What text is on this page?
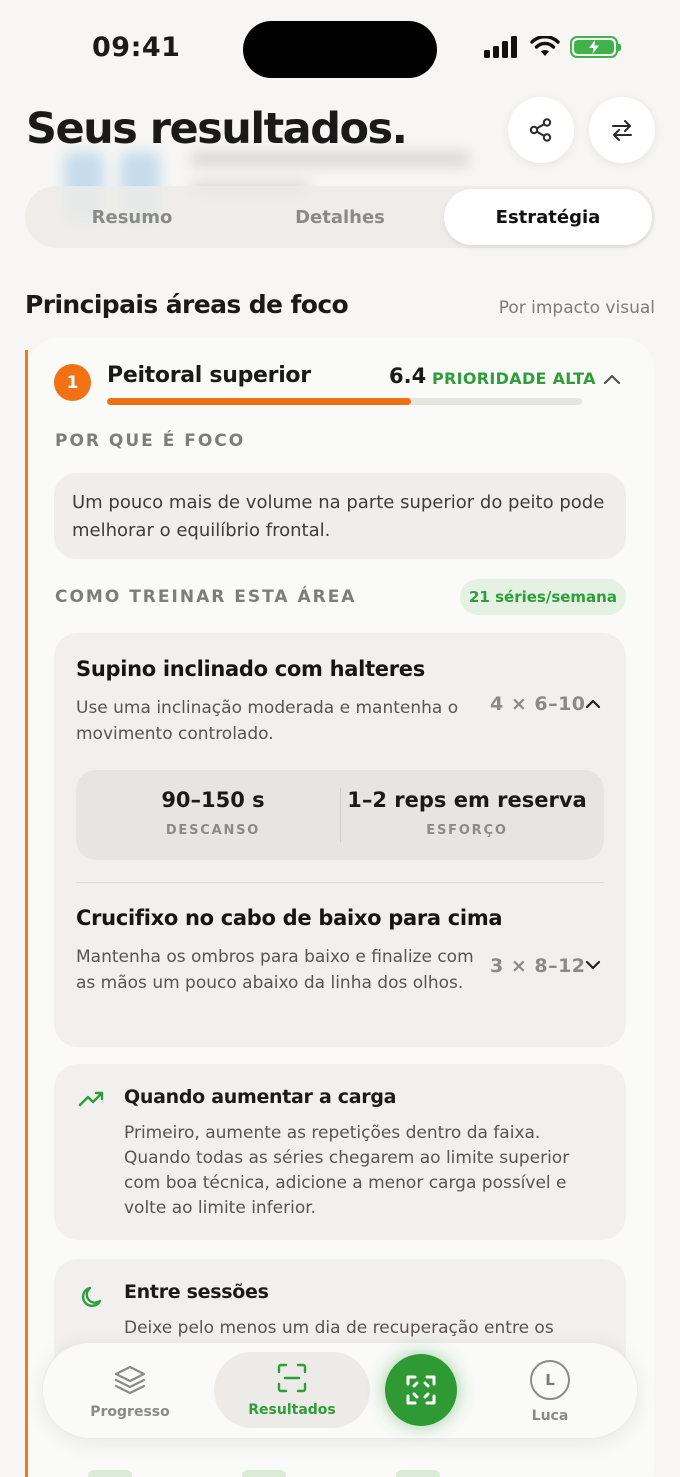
09:41
Seus resultados.
Resumo	Detalhes	Estratégia
Principais áreas de foco	Por impacto visual
1	Peitoral superior	6.4 PRIORIDADE ALTA
POR QUE É FOCO
Um pouco mais de volume na parte superior do peito pode melhorar o equilíbrio frontal.
COMO TREINAR ESTA ÁREA	21 séries/semana
Supino inclinado com halteres
Use uma inclinação moderada e mantenha o movimento controlado.
4 × 6–10
90–150 s
DESCANSO
1–2 reps em reserva
ESFORÇO
Crucifixo no cabo de baixo para cima
Mantenha os ombros para baixo e finalize com as mãos um pouco abaixo da linha dos olhos.
3 × 8–12
Quando aumentar a carga
Primeiro, aumente as repetições dentro da faixa. Quando todas as séries chegarem ao limite superior com boa técnica, adicione a menor carga possível e volte ao limite inferior.
Entre sessões
Deixe pelo menos um dia de recuperação entre os
Progresso	Resultados
L
Luca
